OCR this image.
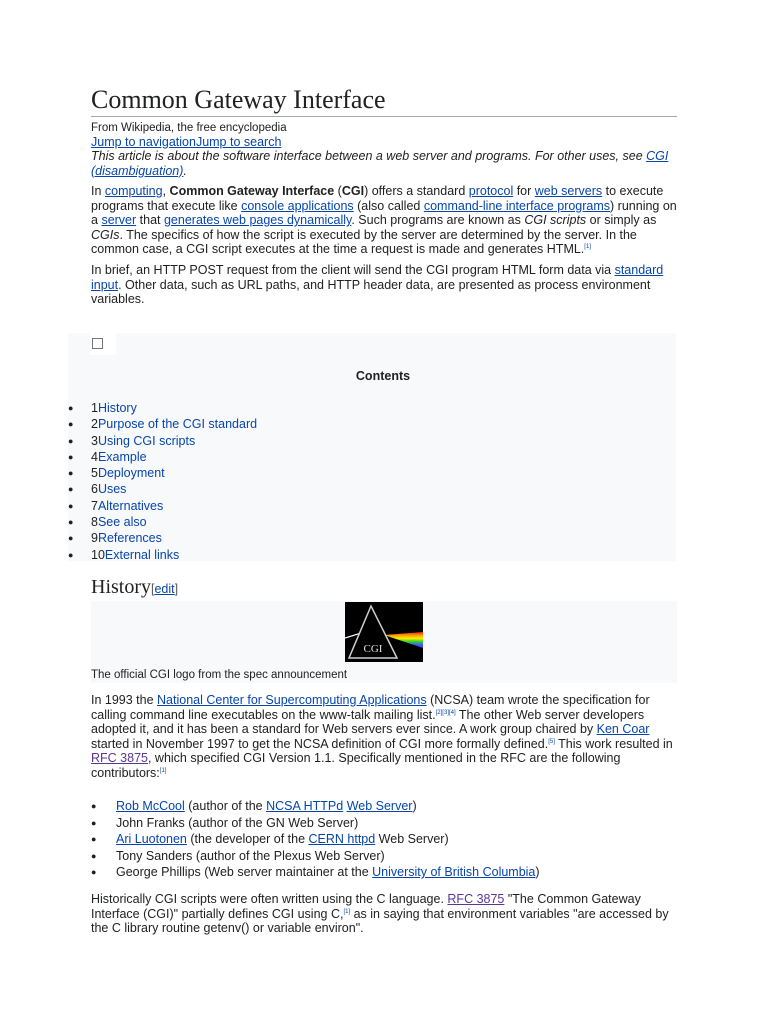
Common Gateway Interface
From Wikipedia, the free encyclopedia
Jump to navigationJump to search
This article is about the software interface between a web server and programs. For other uses, see CGI (disambiguation).

In computing, Common Gateway Interface (CGI) offers a standard protocol for web servers to execute programs that execute like console applications (also called command-line interface programs) running on a server that generates web pages dynamically. Such programs are known as CGI scripts or simply as CGIs. The specifics of how the script is executed by the server are determined by the server. In the common case, a CGI script executes at the time a request is made and generates HTML.[1]

In brief, an HTTP POST request from the client will send the CGI program HTML form data via standard input. Other data, such as URL paths, and HTTP header data, are presented as process environment variables.

Contents
● 1History
● 2Purpose of the CGI standard
● 3Using CGI scripts
● 4Example
● 5Deployment
● 6Uses
● 7Alternatives
● 8See also
● 9References
● 10External links
History[edit]
CGI
The official CGI logo from the spec announcement

In 1993 the National Center for Supercomputing Applications (NCSA) team wrote the specification for calling command line executables on the www-talk mailing list.[2][3][4] The other Web server developers adopted it, and it has been a standard for Web servers ever since. A work group chaired by Ken Coar started in November 1997 to get the NCSA definition of CGI more formally defined.[5] This work resulted in RFC 3875, which specified CGI Version 1.1. Specifically mentioned in the RFC are the following contributors:[1]

● Rob McCool (author of the NCSA HTTPd Web Server)
● John Franks (author of the GN Web Server)
● Ari Luotonen (the developer of the CERN httpd Web Server)
● Tony Sanders (author of the Plexus Web Server)
● George Phillips (Web server maintainer at the University of British Columbia)

Historically CGI scripts were often written using the C language. RFC 3875 "The Common Gateway Interface (CGI)" partially defines CGI using C,[1] as in saying that environment variables "are accessed by the C library routine getenv() or variable environ".
